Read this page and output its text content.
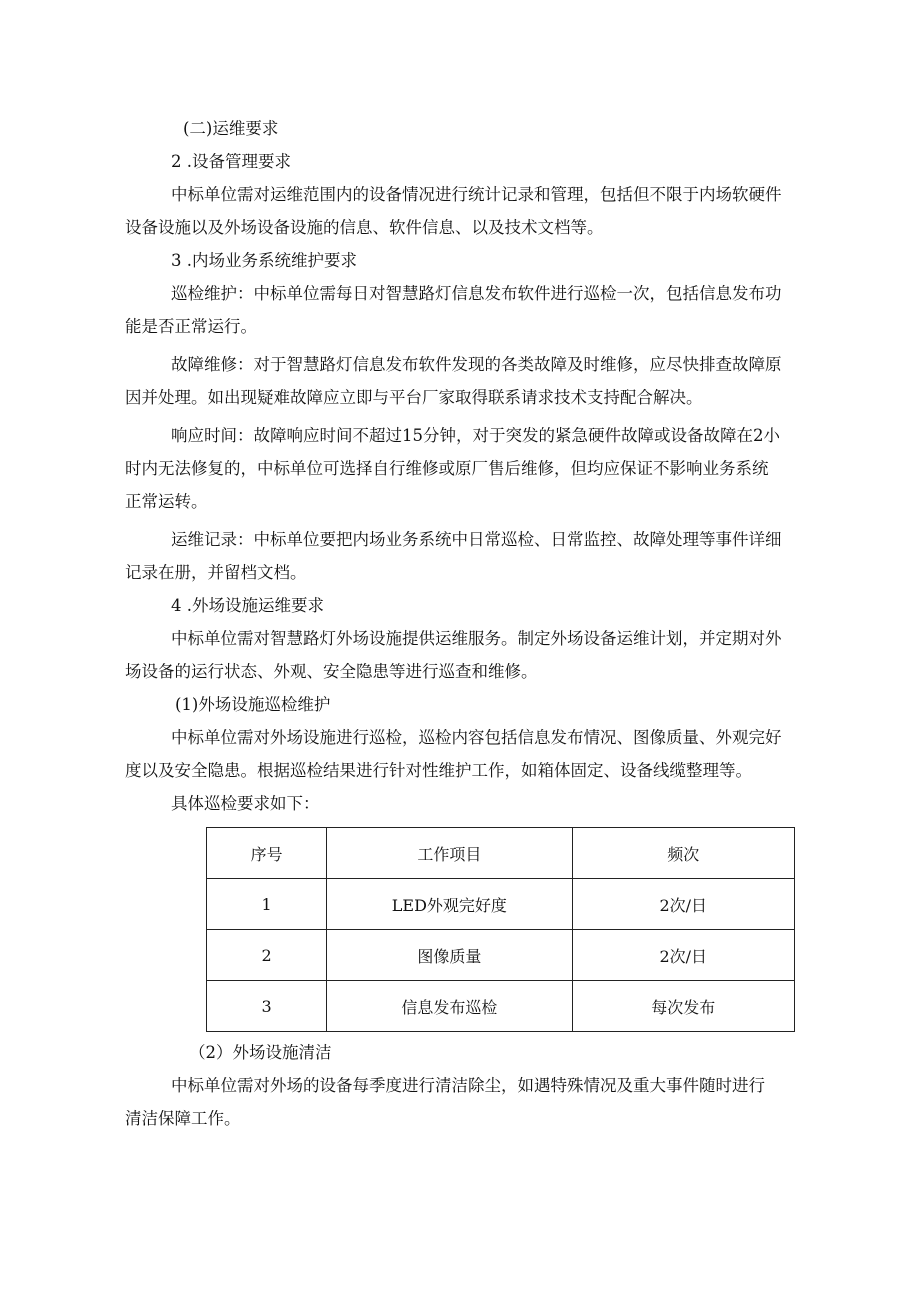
(二)运维要求

2 .设备管理要求

中标单位需对运维范围内的设备情况进行统计记录和管理，包括但不限于内场软硬件

设备设施以及外场设备设施的信息、软件信息、以及技术文档等。

3 .内场业务系统维护要求

巡检维护：中标单位需每日对智慧路灯信息发布软件进行巡检一次，包括信息发布功

能是否正常运行。

故障维修：对于智慧路灯信息发布软件发现的各类故障及时维修，应尽快排查故障原

因并处理。如出现疑难故障应立即与平台厂家取得联系请求技术支持配合解决。

响应时间：故障响应时间不超过15分钟，对于突发的紧急硬件故障或设备故障在2小

时内无法修复的，中标单位可选择自行维修或原厂售后维修，但均应保证不影响业务系统

正常运转。

运维记录：中标单位要把内场业务系统中日常巡检、日常监控、故障处理等事件详细

记录在册，并留档文档。

4 .外场设施运维要求

中标单位需对智慧路灯外场设施提供运维服务。制定外场设备运维计划，并定期对外

场设备的运行状态、外观、安全隐患等进行巡查和维修。

(1)外场设施巡检维护

中标单位需对外场设施进行巡检，巡检内容包括信息发布情况、图像质量、外观完好

度以及安全隐患。根据巡检结果进行针对性维护工作，如箱体固定、设备线缆整理等。

具体巡检要求如下：

序号	工作项目	频次
1	LED外观完好度	2次/日
2	图像质量	2次/日
3	信息发布巡检	每次发布

（2）外场设施清洁

中标单位需对外场的设备每季度进行清洁除尘，如遇特殊情况及重大事件随时进行

清洁保障工作。
